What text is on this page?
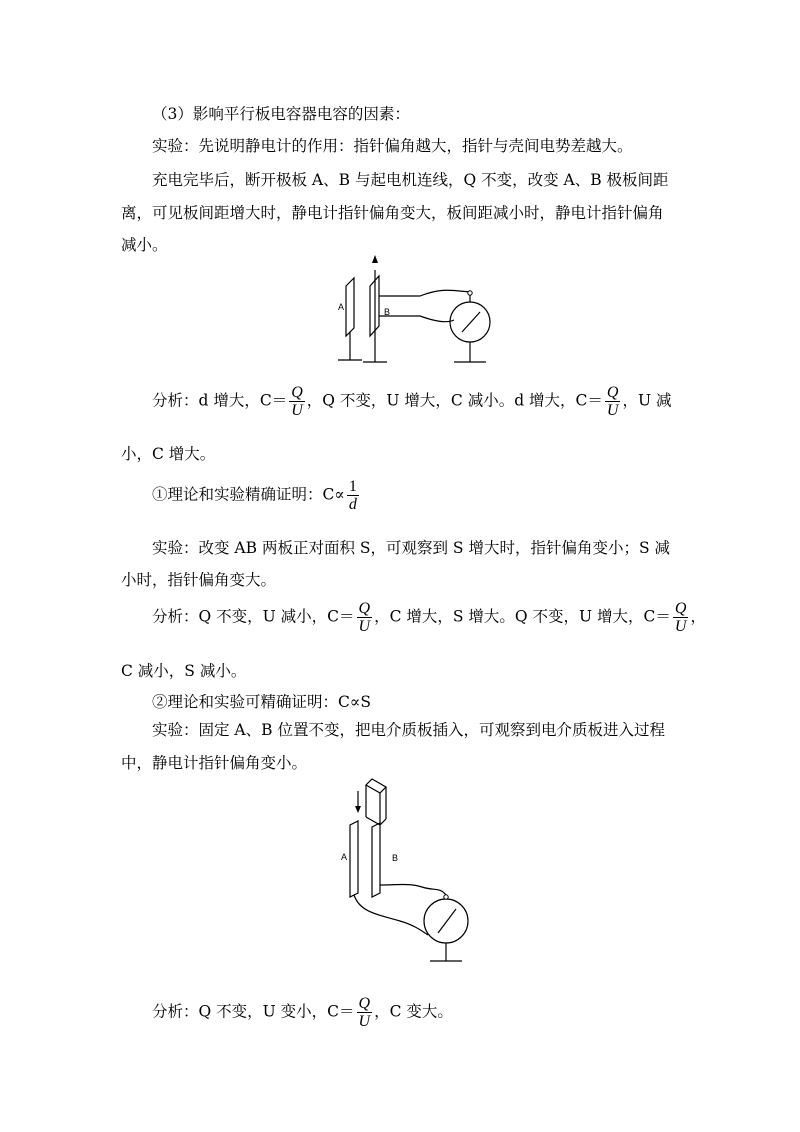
（3）影响平行板电容器电容的因素：
实验：先说明静电计的作用：指针偏角越大，指针与壳间电势差越大。
充电完毕后，断开极板 A、B 与起电机连线，Q 不变，改变 A、B 极板间距
离，可见板间距增大时，静电计指针偏角变大，板间距减小时，静电计指针偏角
减小。
A	B
分析：d 增大，$C= \frac{Q}{U}$ ，Q 不变，U 增大，C 减小。d 增大，$C= \frac{Q}{U}$ ，U 减
小，C 增大。
①理论和实验精确证明：$C\propto \frac{1}{d}$
实验：改变 AB 两板正对面积 S，可观察到 S 增大时，指针偏角变小；S 减
小时，指针偏角变大。
分析：Q 不变，U 减小，$C= \frac{Q}{U}$ ，C 增大，S 增大。Q 不变，U 增大，$C= \frac{Q}{U}$ ，
C 减小，S 减小。
②理论和实验可精确证明：C∝S
实验：固定 A、B 位置不变，把电介质板插入，可观察到电介质板进入过程
中，静电计指针偏角变小。
A	B
分析：Q 不变，U 变小，$C= \frac{Q}{U}$ ，C 变大。
